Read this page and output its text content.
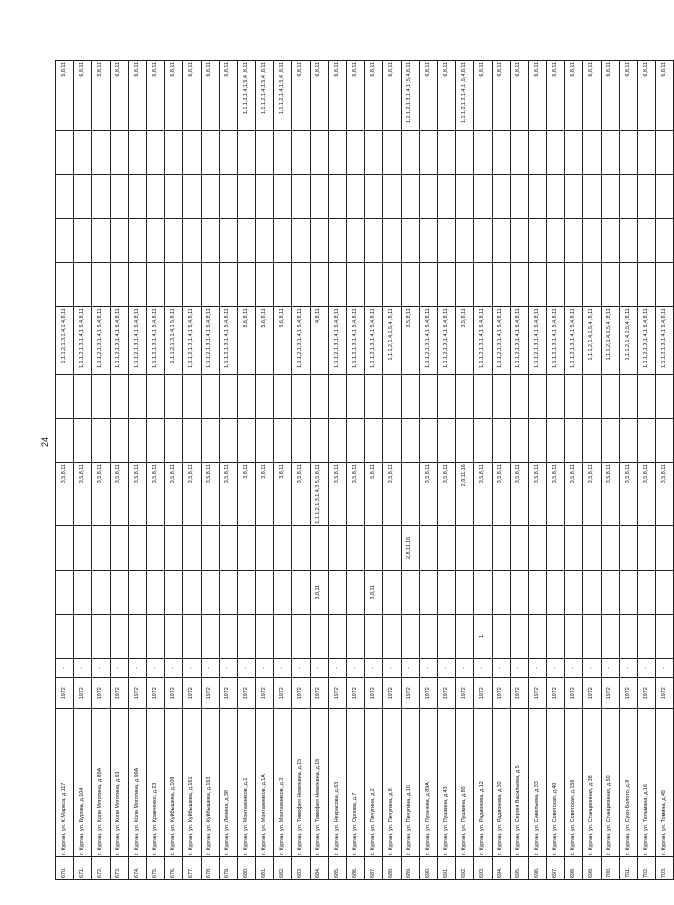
24
670.	г. Курган, ул. К.Маркса, д.117	1972	-				3,5,8,11			1,1.1,2,1.3,1.4,1 4,8,11					5,8,11
671.	г. Курган, ул. Бурова, д.104	1972	-				3,5,8,11			1,1.1,2,1.3,1.4,1 5,4,8,11					6,8,11
672.	г. Курган, ул. Коли Мяготина, д.89А	1972	-				3,5,8,11			1,1.1,2,1.3,1.4,1 5,4,8,11					5,8,11
673.	г. Курган, ул. Коли Мяготина, д.91	1972	-				3,5,8,11			1,1.1,2,1.3,1.4,1 5,4,8,11					6,8,11
674.	г. Курган, ул. Коли Мяготина, д.99А	1972	-				3,5,8,11			1,1.1,2,1.3,1.4,1 5,4,8,11					6,8,11
675.	г. Курган, ул. Кравченко, д.23	1972	-				3,5,8,11			1,1.1,2,1.3,1.4,1 5,4,8,11					6,8,11
676.	г. Курган, ул. Куйбышева, д.108	1972	-				3,5,8,11			1,1.1,2,1.3,1.4,1 5,8,11					6,8,11
677.	г. Курган, ул. Куйбышева, д.161	1972	-				3,5,8,11			1,1.1,2,1.3,1.4,1 5,4,8,11					6,8,11
678.	г. Курган, ул. Куйбышева, д.163	1972	-				3,5,8,11			1,1.1,2,1.3,1.4,1 5,4,8,11					6,8,11
679.	г. Курган, ул. Ленина, д.38	1972	-				3,5,8,11			1,1.1,2,1.3,1.4,1 5,4,8,11					6,8,11
680.	г. Курган, ул. Монтажников, д.1	1972	-				3,8,11			5,6,8,11					1,1.1,2,1.4,1,5,4 ,8,11
681.	г. Курган, ул. Монтажников, д.1А	1972	-				3,8,11			5,6,8,11					1,1.1,2,1.4,1,5,4 ,8,11
682.	г. Курган, ул. Монтажников, д.3	1972	-				3,8,11			5,6,8,11					1,1.1,2,1.4,1,5,4 ,8,11
683.	г. Курган, ул. Тимофея Невежина, д.15	1972	-				3,5,8,11			1,1.1,2,1.3,1.4,1 5,4,8,11					6,8,11
684.	г. Курган, ул. Тимофея Невежина, д.16	1972	-		3,8,11		1,1.1,2,1.3,1.4,3 5,5,8,11			4,8,11					6,8,11
685.	г. Курган, ул. Некрасова, д.63	1972	-				3,5,8,11			1,1.1,2,1.3,1.4,1 5,4,8,11					6,8,11
686.	г. Курган, ул. Орлова, д.7	1972	-				3,5,8,11			1,1.1,2,1.3,1.4,1 5,4,8,11					6,8,11
687.	г. Курган, ул. Пичугина, д.2	1972	-		3,8,11		5,8,11			1,1.1,2,1.3,1.4,1 5,4,8,11					6,8,11
688.	г. Курган, ул. Пичугина, д.8	1972	-				3,5,8,11			1,1.1,2,1.4,1,5,4 ,8,11					6,8,11
689.	г. Курган, ул. Пичугина, д.10	1972	-			2,8,11,16				3,5,8,11					1,1.1,2,1.3,1.4,1 ,5,4,8,11
690.	г. Курган, ул. Пугачева, д.89А	1972	-				3,5,8,11			1,1.1,2,1.3,1.4,1 5,4,8,11					6,8,11
691.	г. Курган, ул. Пушкина, д.43	1972	-				3,5,8,11			1,1.1,2,1.3,1.4,1 5,4,8,11					6,8,11
692.	г. Курган, ул. Пушкина, д.80	1972	-				2,8,11,16			3,5,8,11					1,1.1,2,1.3,1.4,1 ,5,4,8,11
693.	г. Курган, ул. Радионова, д.12	1972	-	1			3,5,8,11			1,1.1,2,1.3,1.4,1 5,4,8,11					6,8,11
694.	г. Курган, ул. Радионова, д.32	1972	-				3,5,8,11			1,1.1,2,1.3,1.4,1 5,4,8,11					6,8,11
695.	г. Курган, ул. Сергея Васильева, д.5	1972	-				3,5,8,11			1,1.1,2,1.3,1.4,1 5,4,8,11					6,8,11
696.	г. Курган, ул. Савельева, д.33	1972	-				3,5,8,11			1,1.1,2,1.3,1.4,1 5,4,8,11					6,8,11
697.	г. Курган, ул. Советская, д.40	1972	-				3,5,8,11			1,1.1,2,1.3,1.4,1 5,4,8,11					6,8,11
698.	г. Курган, ул. Советская, д.156	1972	-				3,5,8,11			1,1.1,2,1.3,1.4,1 5,4,8,11					6,8,11
699.	г. Курган, ул. Станционная, д.38	1972	-				3,5,8,11			1,1.1,2,1.4,1,5,4 ,8,11					6,8,11
700.	г. Курган, ул. Станционная, д.50	1972	-				3,5,8,11			1,1.1,2,1.4,1,5,4 ,8,11					6,8,11
701.	г. Курган, ул. Сухо-Болото, д.8	1972	-				3,5,8,11			1,1.1,2,1.4,1,5,4 ,8,11					6,8,11
702.	г. Курган, ул. Тельмана, д.16	1972	-				3,5,8,11			1,1.1,2,1.3,1.4,1 5,4,8,11					6,8,11
703.	г. Курган, ул. Томина, д.45	1972	-				3,5,8,11			1,1.1,2,1.3,1.4,1 5,4,8,11					6,8,11
